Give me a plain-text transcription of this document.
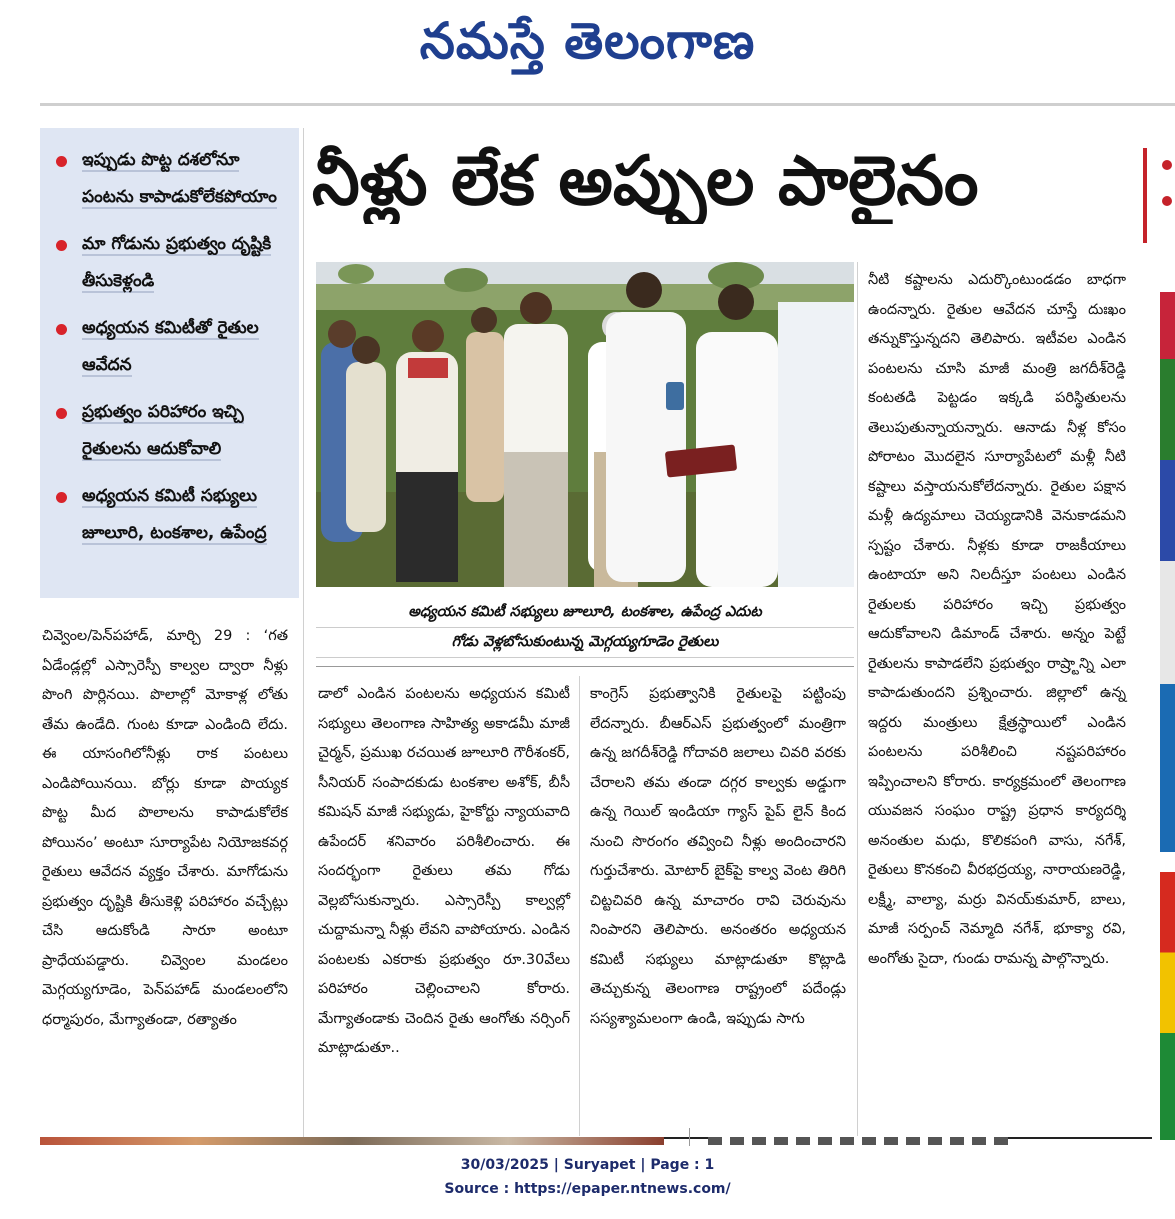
నమస్తే తెలంగాణ
ఇప్పుడు పొట్ట దశలోనూ పంటను కాపాడుకోలేకపోయాం
మా గోడును ప్రభుత్వం దృష్టికి తీసుకెళ్లండి
అధ్యయన కమిటీతో రైతుల ఆవేదన
ప్రభుత్వం పరిహారం ఇచ్చి రైతులను ఆదుకోవాలి
అధ్యయన కమిటీ సభ్యులు జూలూరి, టంకశాల, ఉపేంద్ర
నీళ్లు లేక అప్పుల పాలైనం
అధ్యయన కమిటీ సభ్యులు జూలూరి, టంకశాల, ఉపేంద్ర ఎదుట
గోడు వెళ్లబోసుకుంటున్న మెగ్గయ్యగూడెం రైతులు

చివ్వెంల/పెన్‌పహాడ్, మార్చి 29 : ‘గత ఏడేండ్లల్లో ఎస్సారెస్పీ కాల్వల ద్వారా నీళ్లు పొంగి పొర్లినయి. పొలాల్లో మోకాళ్ల లోతు తేమ ఉండేది. గుంట కూడా ఎండింది లేదు. ఈ యాసంగిలోనీళ్లు రాక పంటలు ఎండిపోయినయి. బోర్లు కూడా పొయ్యక పొట్ట మీద పొలాలను కాపాడుకోలేక పోయినం’ అంటూ సూర్యాపేట నియోజకవర్గ రైతులు ఆవేదన వ్యక్తం చేశారు. మాగోడును ప్రభుత్వం దృష్టికి తీసుకెళ్లి పరిహారం వచ్చేట్లు చేసి ఆదుకోండి సారూ అంటూ ప్రాధేయపడ్డారు. చివ్వెంల మండలం మెగ్గయ్యగూడెం, పెన్‌పహాడ్ మండలంలోని ధర్మాపురం, మేగ్యాతండా, రత్యాతం

డాలో ఎండిన పంటలను అధ్యయన కమిటీ సభ్యులు తెలంగాణ సాహిత్య అకాడమీ మాజీ చైర్మన్, ప్రముఖ రచయిత జూలూరి గౌరీశంకర్, సీనియర్ సంపాదకుడు టంకశాల అశోక్, బీసీ కమిషన్ మాజీ సభ్యుడు, హైకోర్టు న్యాయవాది ఉపేందర్ శనివారం పరిశీలించారు. ఈ సందర్భంగా రైతులు తమ గోడు వెల్లబోసుకున్నారు. ఎస్సారెస్పీ కాల్వల్లో చుద్దామన్నా నీళ్లు లేవని వాపోయారు. ఎండిన పంటలకు ఎకరాకు ప్రభుత్వం రూ.30వేలు పరిహారం చెల్లించాలని కోరారు. మేగ్యాతండాకు చెందిన రైతు ఆంగోతు నర్సింగ్ మాట్లాడుతూ..

కాంగ్రెస్ ప్రభుత్వానికి రైతులపై పట్టింపు లేదన్నారు. బీఆర్‌ఎస్ ప్రభుత్వంలో మంత్రిగా ఉన్న జగదీశ్‌రెడ్డి గోదావరి జలాలు చివరి వరకు చేరాలని తమ తండా దగ్గర కాల్వకు అడ్డుగా ఉన్న గెయిల్ ఇండియా గ్యాస్ పైప్ లైన్ కింద నుంచి సొరంగం తవ్వించి నీళ్లు అందించారని గుర్తుచేశారు. మోటార్ బైక్‌పై కాల్వ వెంట తిరిగి చిట్టచివరి ఉన్న మాచారం రావి చెరువును నింపారని తెలిపారు. అనంతరం అధ్యయన కమిటీ సభ్యులు మాట్లాడుతూ కొట్లాడి తెచ్చుకున్న తెలంగాణ రాష్ట్రంలో పదేండ్లు సస్యశ్యామలంగా ఉండి, ఇప్పుడు సాగు

నీటి కష్టాలను ఎదుర్కొంటుండడం బాధగా ఉందన్నారు. రైతుల ఆవేదన చూస్తే దుఃఖం తన్నుకొస్తున్నదని తెలిపారు. ఇటీవల ఎండిన పంటలను చూసి మాజీ మంత్రి జగదీశ్‌రెడ్డి కంటతడి పెట్టడం ఇక్కడి పరిస్థితులను తెలుపుతున్నాయన్నారు. ఆనాడు నీళ్ల కోసం పోరాటం మొదలైన సూర్యాపేటలో మళ్లీ నీటి కష్టాలు వస్తాయనుకోలేదన్నారు. రైతుల పక్షాన మళ్లీ ఉద్యమాలు చెయ్యడానికి వెనుకాడమని స్పష్టం చేశారు. నీళ్లకు కూడా రాజకీయాలు ఉంటాయా అని నిలదీస్తూ పంటలు ఎండిన రైతులకు పరిహారం ఇచ్చి ప్రభుత్వం ఆదుకోవాలని డిమాండ్ చేశారు. అన్నం పెట్టే రైతులను కాపాడలేని ప్రభుత్వం రాష్ర్టాన్ని ఎలా కాపాడుతుందని ప్రశ్నించారు. జిల్లాలో ఉన్న ఇద్దరు మంత్రులు క్షేత్రస్థాయిలో ఎండిన పంటలను పరిశీలించి నష్టపరిహారం ఇప్పించాలని కోరారు. కార్యక్రమంలో తెలంగాణ యువజన సంఘం రాష్ట్ర ప్రధాన కార్యదర్శి అనంతుల మధు, కొలికపంగి వాసు, నగేశ్, రైతులు కొనకంచి వీరభద్రయ్య, నారాయణరెడ్డి, లక్ష్మీ, వాల్యా, మర్రు వినయ్‌కుమార్, బాలు, మాజీ సర్పంచ్ నెమ్మాది నగేశ్, భూక్యా రవి, అంగోతు సైదా, గుండు రామన్న పాల్గొన్నారు.

30/03/2025 | Suryapet | Page : 1
Source : https://epaper.ntnews.com/
